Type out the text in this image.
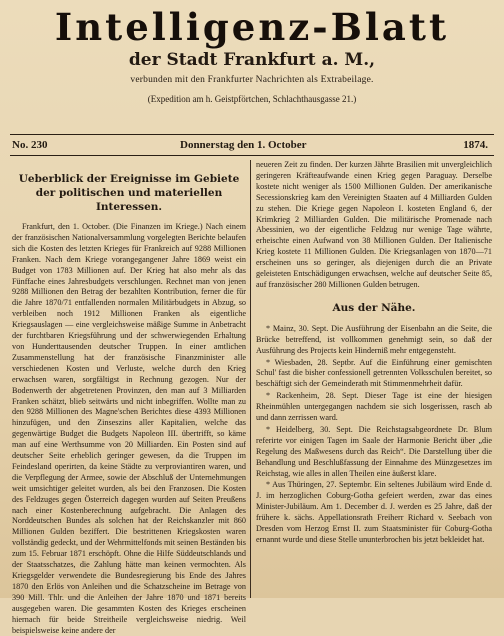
Intelligenz-Blatt
der Stadt Frankfurt a. M.,
verbunden mit den Frankfurter Nachrichten als Extrabeilage.
(Expedition am h. Geistpförtchen, Schlachthausgasse 21.)
No. 230	Donnerstag den 1. October	1874.
Ueberblick der Ereignisse im Gebiete der politischen und materiellen Interessen.

Frankfurt, den 1. October. (Die Finanzen im Kriege.) Nach einem der französischen Nationalversammlung vorgelegten Berichte belaufen sich die Kosten des letzten Krieges für Frankreich auf 9288 Millionen Franken. Nach dem Kriege vorangegangener Jahre 1869 weist ein Budget von 1783 Millionen auf. Der Krieg hat also mehr als das Fünffache eines Jahresbudgets verschlungen. Rechnet man von jenen 9288 Millionen den Betrag der bezahlten Kontribution, ferner die für die Jahre 1870/71 entfallenden normalen Militärbudgets in Abzug, so verbleiben noch 1912 Millionen Franken als eigentliche Kriegsauslagen — eine vergleichsweise mäßige Summe in Anbetracht der furchtbaren Kriegsführung und der schwerwiegenden Erhaltung von Hunderttausenden deutscher Truppen. In einer amtlichen Zusammenstellung hat der französische Finanzminister alle verschiedenen Kosten und Verluste, welche durch den Krieg erwachsen waren, sorgfältigst in Rechnung gezogen. Nur der Bodenwerth der abgetretenen Provinzen, den man auf 3 Milliarden Franken schätzt, blieb seitwärts und nicht inbegriffen. Wollte man zu den 9288 Millionen des Magne'schen Berichtes diese 4393 Millionen hinzufügen, und den Zinseszins aller Kapitalien, welche das gegenwärtige Budget die Budgets Napoleon III. übertrifft, so käme man auf eine Werthsumme von 20 Milliarden. Ein Posten sind auf deutscher Seite erheblich geringer gewesen, da die Truppen im Feindesland operirten, da keine Städte zu verproviantiren waren, und die Verpflegung der Armee, sowie der Abschluß der Unternehmungen weit umsichtiger geleitet wurden, als bei den Franzosen. Die Kosten des Feldzuges gegen Österreich dagegen wurden auf Seiten Preußens nach einer Kostenberechnung aufgebracht. Die Anlagen des Norddeutschen Bundes als solchen hat der Reichskanzler mit 860 Millionen Gulden beziffert. Die bestrittenen Kriegskosten waren vollständig gedeckt, und der Wehrmittelfonds mit seinen Beständen bis zum 15. Februar 1871 erschöpft. Ohne die Hilfe Süddeutschlands und der Staatsschatzes, die Zahlung hätte man keinen vermochten. Als Kriegsgelder verwendete die Bundesregierung bis Ende des Jahres 1870 den Erlös von Anleihen und die Schatzscheine im Betrage von 390 Mill. Thlr. und die Anleihen der Jahre 1870 und 1871 bereits ausgegeben waren. Die gesammten Kosten des Krieges erscheinen hiernach für beide Streitheile vergleichsweise niedrig. Weil beispielsweise keine andere der

neueren Zeit zu finden. Der kurzen Jährte Brasilien mit unvergleichlich geringeren Kräfteaufwande einen Krieg gegen Paraguay. Derselbe kostete nicht weniger als 1500 Millionen Gulden. Der amerikanische Secessionskrieg kam den Vereinigten Staaten auf 4 Milliarden Gulden zu stehen. Die Kriege gegen Napoleon I. kosteten England 6, der Krimkrieg 2 Milliarden Gulden. Die militärische Promenade nach Abessinien, wo der eigentliche Feldzug nur wenige Tage währte, erheischte einen Aufwand von 38 Millionen Gulden. Der Italienische Krieg kostete 11 Millionen Gulden. Die Kriegsanlagen von 1870—71 erscheinen uns so geringer, als diejenigen durch die an Private geleisteten Entschädigungen erwachsen, welche auf deutscher Seite 85, auf französischer 280 Millionen Gulden betrugen.

Aus der Nähe.

* Mainz, 30. Sept. Die Ausführung der Eisenbahn an die Seite, die Brücke betreffend, ist vollkommen genehmigt sein, so daß der Ausführung des Projects kein Hinderniß mehr entgegensteht.

* Wiesbaden, 28. Septbr. Auf die Einführung einer gemischten Schul' fast die bisher confessionell getrennten Volksschulen bereitet, so beschäftigt sich der Gemeinderath mit Stimmenmehrheit dafür.

* Rackenheim, 28. Sept. Dieser Tage ist eine der hiesigen Rheinmühlen untergegangen nachdem sie sich losgerissen, rasch ab und dann zerrissen ward.

* Heidelberg, 30. Sept. Die Reichstagsabgeordnete Dr. Blum referirte vor einigen Tagen im Saale der Harmonie Bericht über „die Regelung des Maßwesens durch das Reich“. Die Darstellung über die Behandlung und Beschlußfassung der Einnahme des Münzgesetzes im Reichstag, wie alles in allen Theilen eine äußerst klare.

* Aus Thüringen, 27. Septembr. Ein seltenes Jubiläum wird Ende d. J. im herzoglichen Coburg-Gotha gefeiert werden, zwar das eines Minister-Jubiläum. Am 1. December d. J. werden es 25 Jahre, daß der frühere k. sächs. Appellationsrath Freiherr Richard v. Seebach von Dresden vom Herzog Ernst II. zum Staatsminister für Coburg-Gotha ernannt wurde und diese Stelle ununterbrochen bis jetzt bekleidet hat.
